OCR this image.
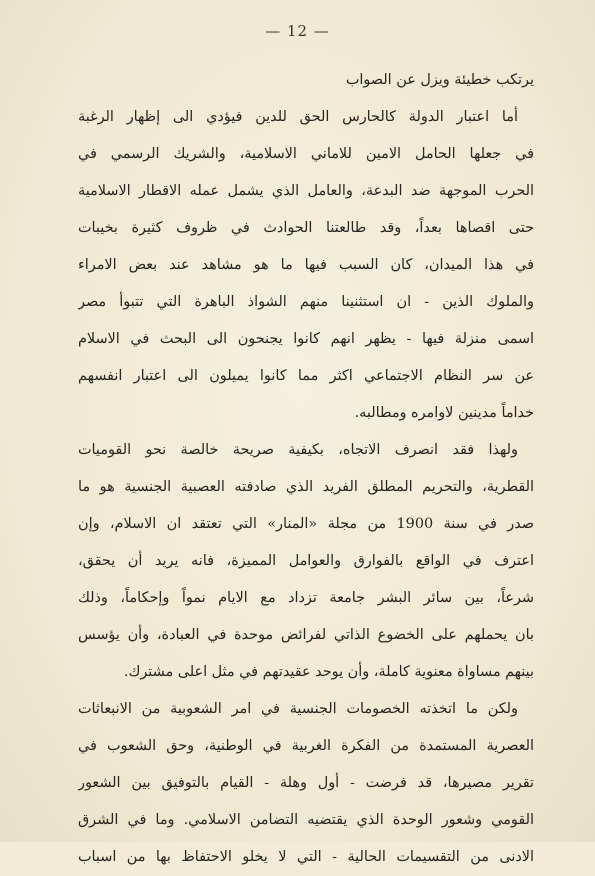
— 12 —
يرتكب خطيئة ويزل عن الصواب
أما اعتبار الدولة كالحارس الحق للدين فيؤدي الى إظهار الرغبة
في جعلها الحامل الامين للاماني الاسلامية، والشريك الرسمي في
الحرب الموجهة ضد البدعة، والعامل الذي يشمل عمله الاقطار الاسلامية
حتى اقصاها بعداً، وقد طالعتنا الحوادث في ظروف كثيرة بخيبات
في هذا الميدان، كان السبب فيها ما هو مشاهد عند بعض الامراء
والملوك الذين - ان استثنينا منهم الشواذ الباهرة التي تتبوأ مصر
اسمى منزلة فيها - يظهر انهم كانوا يجنحون الى البحث في الاسلام
عن سر النظام الاجتماعي اكثر مما كانوا يميلون الى اعتبار انفسهم
خداماً مدينين لاوامره ومطالبه.
ولهذا فقد انصرف الاتجاه، بكيفية صريحة خالصة نحو القوميات
القطرية، والتحريم المطلق الفريد الذي صادفته العصبية الجنسية هو ما
صدر في سنة 1900 من مجلة «المنار» التي تعتقد ان الاسلام، وإن
اعترف في الواقع بالفوارق والعوامل المميزة، فانه يريد أن يحقق،
شرعاً، بين سائر البشر جامعة تزداد مع الايام نمواً وإحكاماً، وذلك
بان يحملهم على الخضوع الذاتي لفرائض موحدة في العبادة، وأن يؤسس
بينهم مساواة معنوية كاملة، وأن يوحد عقيدتهم في مثل اعلى مشترك.
ولكن ما اتخذته الخصومات الجنسية في امر الشعوبية من الانبعاثات
العصرية المستمدة من الفكرة الغربية في الوطنية، وحق الشعوب في
تقرير مصيرها، قد فرضت - أول وهلة - القيام بالتوفيق بين الشعور
القومي وشعور الوحدة الذي يقتضيه التضامن الاسلامي. وما في الشرق
الادنى من التقسيمات الحالية - التي لا يخلو الاحتفاظ بها من اسباب
